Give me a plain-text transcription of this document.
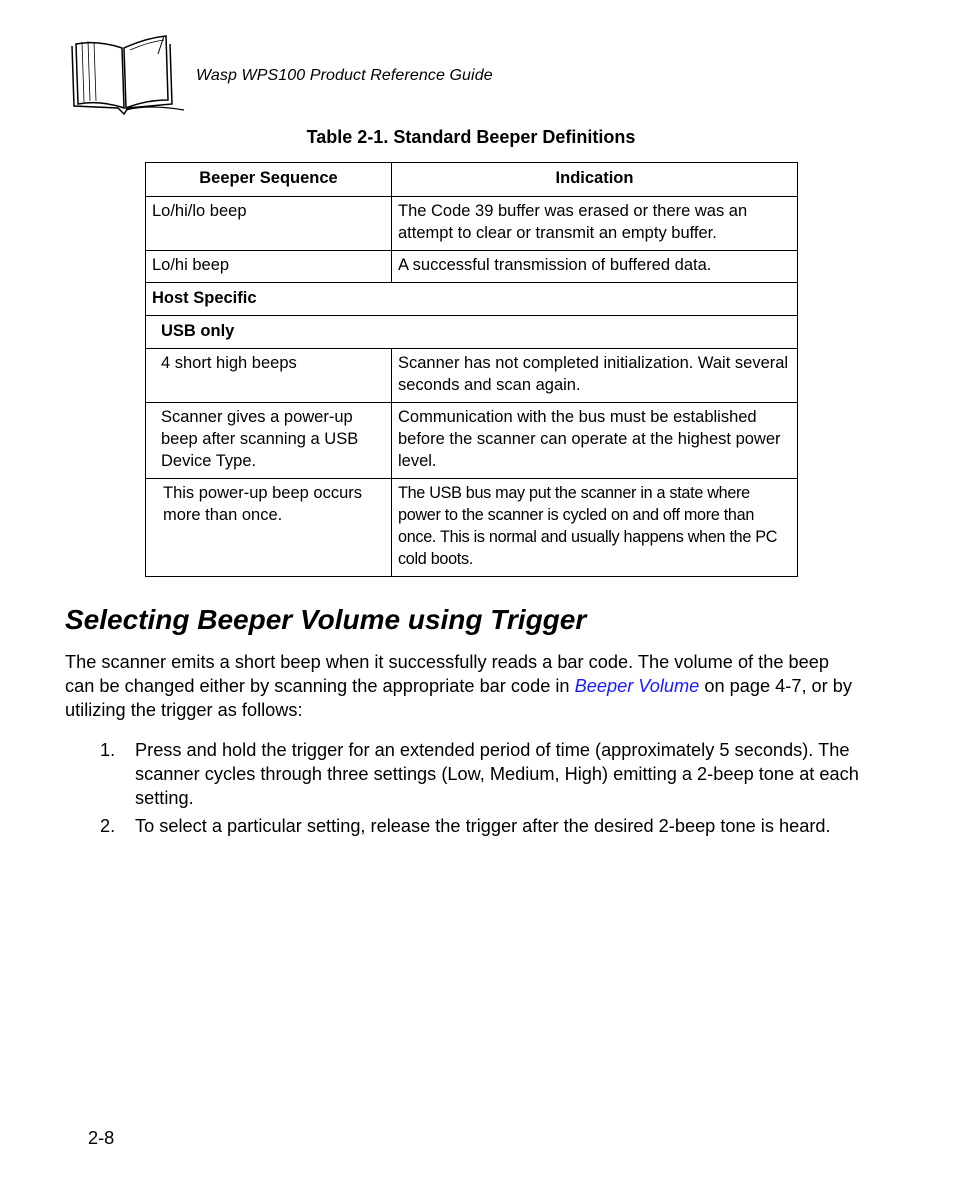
Wasp WPS100 Product Reference Guide
Table 2-1. Standard Beeper Definitions
Beeper Sequence	Indication

Lo/hi/lo beep	The Code 39 buffer was erased or there was an attempt to clear or transmit an empty buffer.

Lo/hi beep	A successful transmission of buffered data.

Host Specific	

USB only	

4 short high beeps	Scanner has not completed initialization. Wait several seconds and scan again.

Scanner gives a power-up beep after scanning a USB Device Type.	Communication with the bus must be established before the scanner can operate at the highest power level.

This power-up beep occurs more than once.	The USB bus may put the scanner in a state where power to the scanner is cycled on and off more than once. This is normal and usually happens when the PC cold boots.
Selecting Beeper Volume using Trigger

The scanner emits a short beep when it successfully reads a bar code. The volume of the beep can be changed either by scanning the appropriate bar code in Beeper Volume on page 4-7, or by utilizing the trigger as follows:

1. Press and hold the trigger for an extended period of time (approximately 5 seconds). The scanner cycles through three settings (Low, Medium, High) emitting a 2-beep tone at each setting.
2. To select a particular setting, release the trigger after the desired 2-beep tone is heard.
2-8
